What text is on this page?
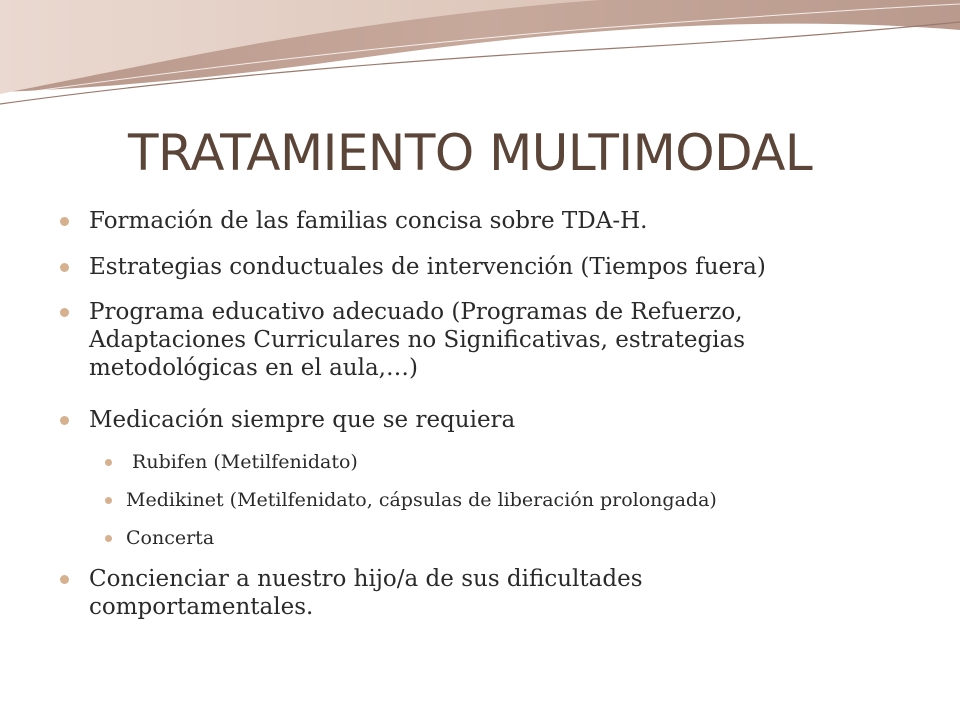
TRATAMIENTO MULTIMODAL
Formación de las familias concisa sobre TDA-H.
Estrategias conductuales de intervención (Tiempos fuera)
Programa educativo adecuado (Programas de Refuerzo,
Adaptaciones Curriculares no Significativas, estrategias
metodológicas en el aula,…)
Medicación siempre que se requiera
Rubifen (Metilfenidato)
Medikinet (Metilfenidato, cápsulas de liberación prolongada)
Concerta
Concienciar a nuestro hijo/a de sus dificultades
comportamentales.
